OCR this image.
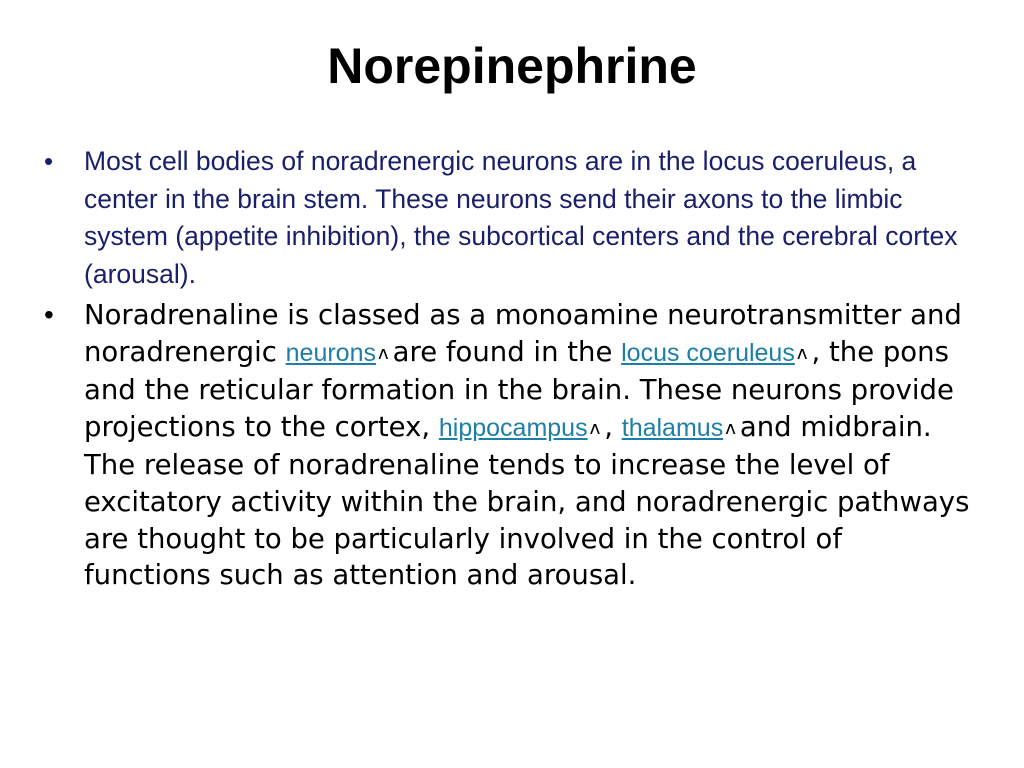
Norepinephrine
• Most cell bodies of noradrenergic neurons are in the locus coeruleus, a center in the brain stem. These neurons send their axons to the limbic system (appetite inhibition), the subcortical centers and the cerebral cortex (arousal).
• Noradrenaline is classed as a monoamine neurotransmitter and noradrenergic neurons ʌ are found in the locus coeruleus ʌ , the pons and the reticular formation in the brain. These neurons provide projections to the cortex, hippocampus ʌ , thalamus ʌ and midbrain. The release of noradrenaline tends to increase the level of excitatory activity within the brain, and noradrenergic pathways are thought to be particularly involved in the control of functions such as attention and arousal.
